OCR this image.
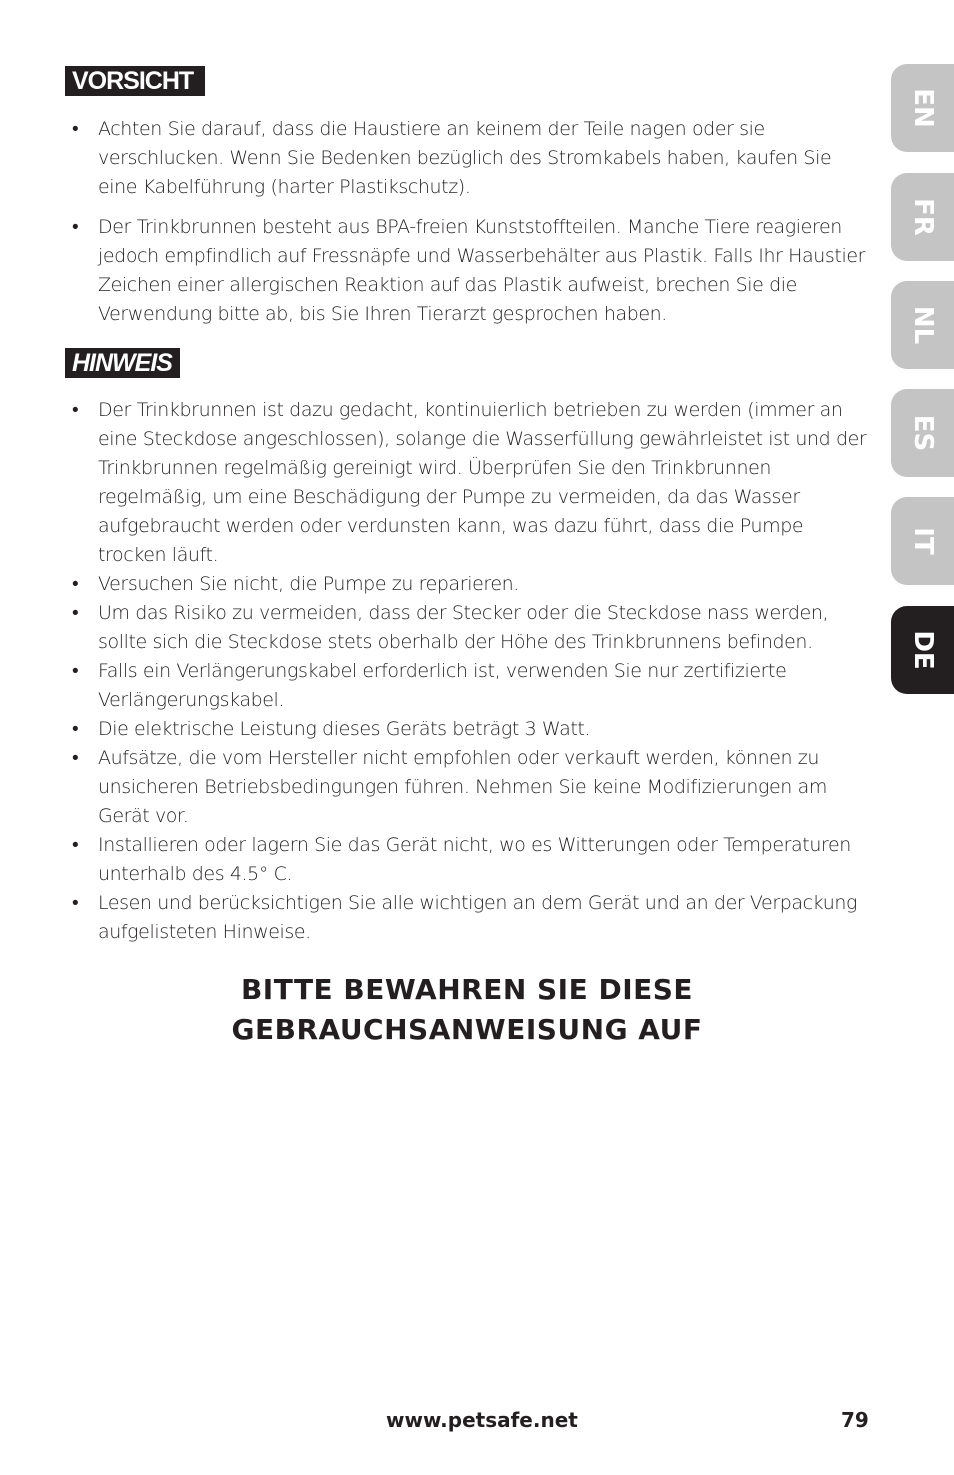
VORSICHT
• Achten Sie darauf, dass die Haustiere an keinem der Teile nagen oder sie verschlucken. Wenn Sie Bedenken bezüglich des Stromkabels haben, kaufen Sie eine Kabelführung (harter Plastikschutz).
• Der Trinkbrunnen besteht aus BPA-freien Kunststoffteilen. Manche Tiere reagieren jedoch empfindlich auf Fressnäpfe und Wasserbehälter aus Plastik. Falls Ihr Haustier Zeichen einer allergischen Reaktion auf das Plastik aufweist, brechen Sie die Verwendung bitte ab, bis Sie Ihren Tierarzt gesprochen haben.
HINWEIS
• Der Trinkbrunnen ist dazu gedacht, kontinuierlich betrieben zu werden (immer an eine Steckdose angeschlossen), solange die Wasserfüllung gewährleistet ist und der Trinkbrunnen regelmäßig gereinigt wird. Überprüfen Sie den Trinkbrunnen regelmäßig, um eine Beschädigung der Pumpe zu vermeiden, da das Wasser aufgebraucht werden oder verdunsten kann, was dazu führt, dass die Pumpe trocken läuft.
• Versuchen Sie nicht, die Pumpe zu reparieren.
• Um das Risiko zu vermeiden, dass der Stecker oder die Steckdose nass werden, sollte sich die Steckdose stets oberhalb der Höhe des Trinkbrunnens befinden.
• Falls ein Verlängerungskabel erforderlich ist, verwenden Sie nur zertifizierte Verlängerungskabel.
• Die elektrische Leistung dieses Geräts beträgt 3 Watt.
• Aufsätze, die vom Hersteller nicht empfohlen oder verkauft werden, können zu unsicheren Betriebsbedingungen führen. Nehmen Sie keine Modifizierungen am Gerät vor.
• Installieren oder lagern Sie das Gerät nicht, wo es Witterungen oder Temperaturen unterhalb des 4.5° C.
• Lesen und berücksichtigen Sie alle wichtigen an dem Gerät und an der Verpackung aufgelisteten Hinweise.
BITTE BEWAHREN SIE DIESE
GEBRAUCHSANWEISUNG AUF
www.petsafe.net	79
EN
FR
NL
ES
IT
DE
